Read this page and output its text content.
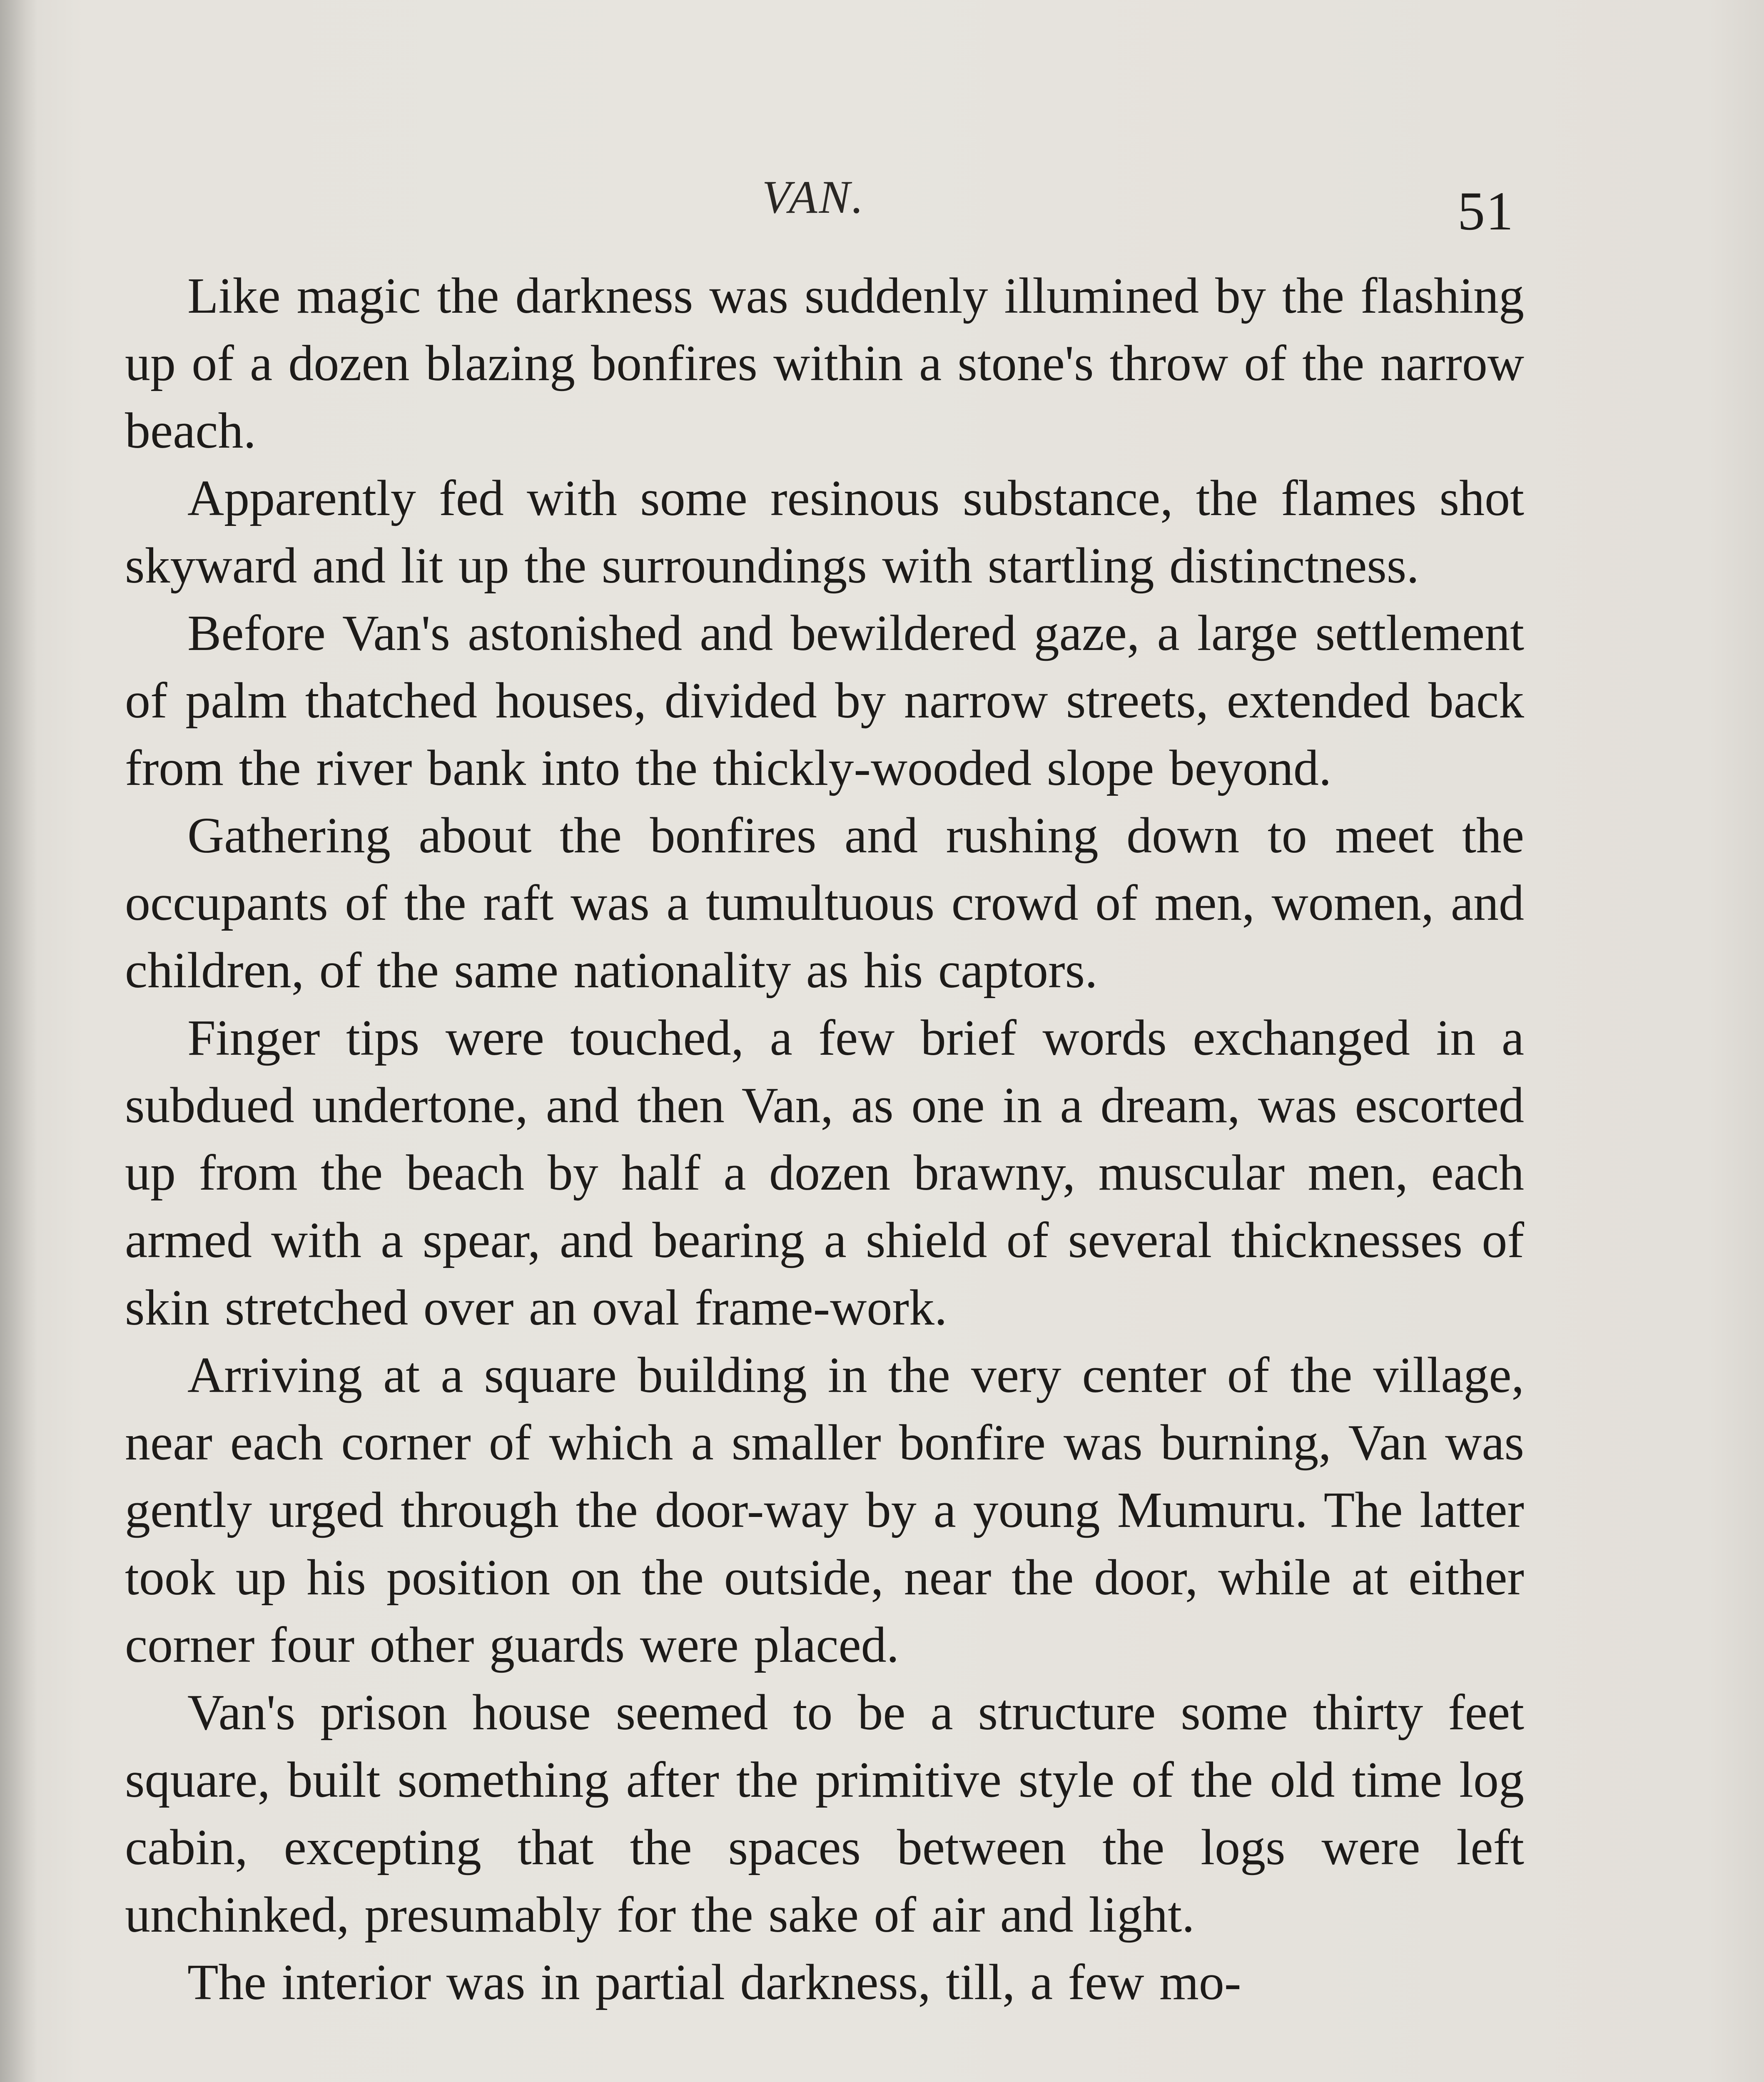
VAN.	51

Like magic the darkness was suddenly illumined by the flashing up of a dozen blazing bonfires within a stone's throw of the narrow beach.

Apparently fed with some resinous substance, the flames shot skyward and lit up the surroundings with startling distinctness.

Before Van's astonished and bewildered gaze, a large settlement of palm thatched houses, divided by narrow streets, extended back from the river bank into the thickly-wooded slope beyond.

Gathering about the bonfires and rushing down to meet the occupants of the raft was a tumultuous crowd of men, women, and children, of the same nationality as his captors.

Finger tips were touched, a few brief words exchanged in a subdued undertone, and then Van, as one in a dream, was escorted up from the beach by half a dozen brawny, muscular men, each armed with a spear, and bearing a shield of several thicknesses of skin stretched over an oval frame-work.

Arriving at a square building in the very center of the village, near each corner of which a smaller bonfire was burning, Van was gently urged through the door-way by a young Mumuru. The latter took up his position on the outside, near the door, while at either corner four other guards were placed.

Van's prison house seemed to be a structure some thirty feet square, built something after the primitive style of the old time log cabin, excepting that the spaces between the logs were left unchinked, presumably for the sake of air and light.

The interior was in partial darkness, till, a few mo-
